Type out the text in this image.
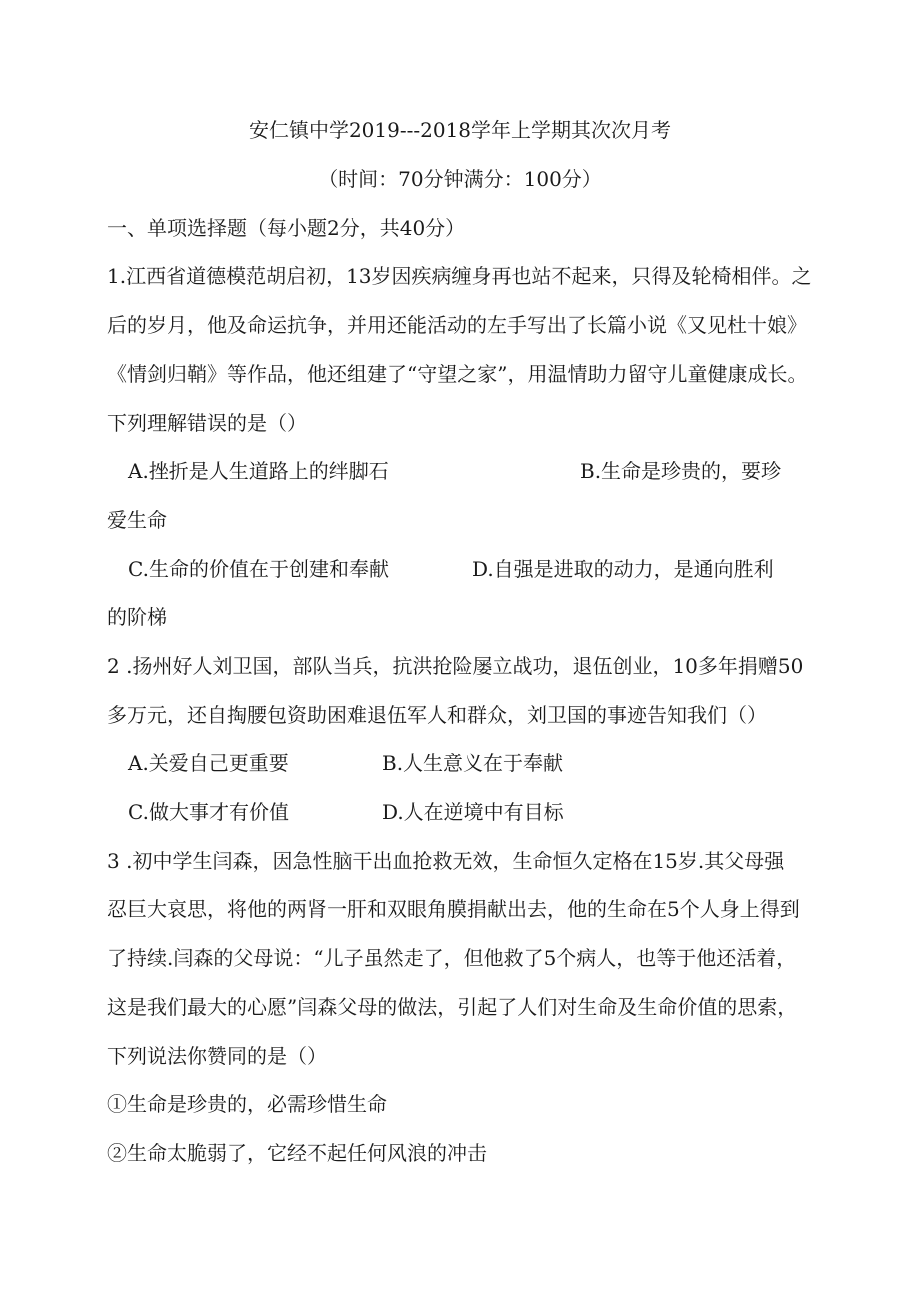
安仁镇中学2019---2018学年上学期其次次月考
（时间：70分钟满分：100分）
一、单项选择题（每小题2分，共40分）
1.江西省道德模范胡启初，13岁因疾病缠身再也站不起来，只得及轮椅相伴。之
后的岁月，他及命运抗争，并用还能活动的左手写出了长篇小说《又见杜十娘》
《情剑归鞘》等作品，他还组建了“守望之家”，用温情助力留守儿童健康成长。
下列理解错误的是（）
A.挫折是人生道路上的绊脚石	B.生命是珍贵的，要珍
爱生命
C.生命的价值在于创建和奉献	D.自强是进取的动力，是通向胜利
的阶梯
2 .扬州好人刘卫国，部队当兵，抗洪抢险屡立战功，退伍创业，10多年捐赠50
多万元，还自掏腰包资助困难退伍军人和群众，刘卫国的事迹告知我们（）
A.关爱自己更重要	B.人生意义在于奉献
C.做大事才有价值	D.人在逆境中有目标
3 .初中学生闫森，因急性脑干出血抢救无效，生命恒久定格在15岁.其父母强
忍巨大哀思，将他的两肾一肝和双眼角膜捐献出去，他的生命在5个人身上得到
了持续.闫森的父母说：“儿子虽然走了，但他救了5个病人，也等于他还活着，
这是我们最大的心愿”闫森父母的做法，引起了人们对生命及生命价值的思索，
下列说法你赞同的是（）
①生命是珍贵的，必需珍惜生命
②生命太脆弱了，它经不起任何风浪的冲击
